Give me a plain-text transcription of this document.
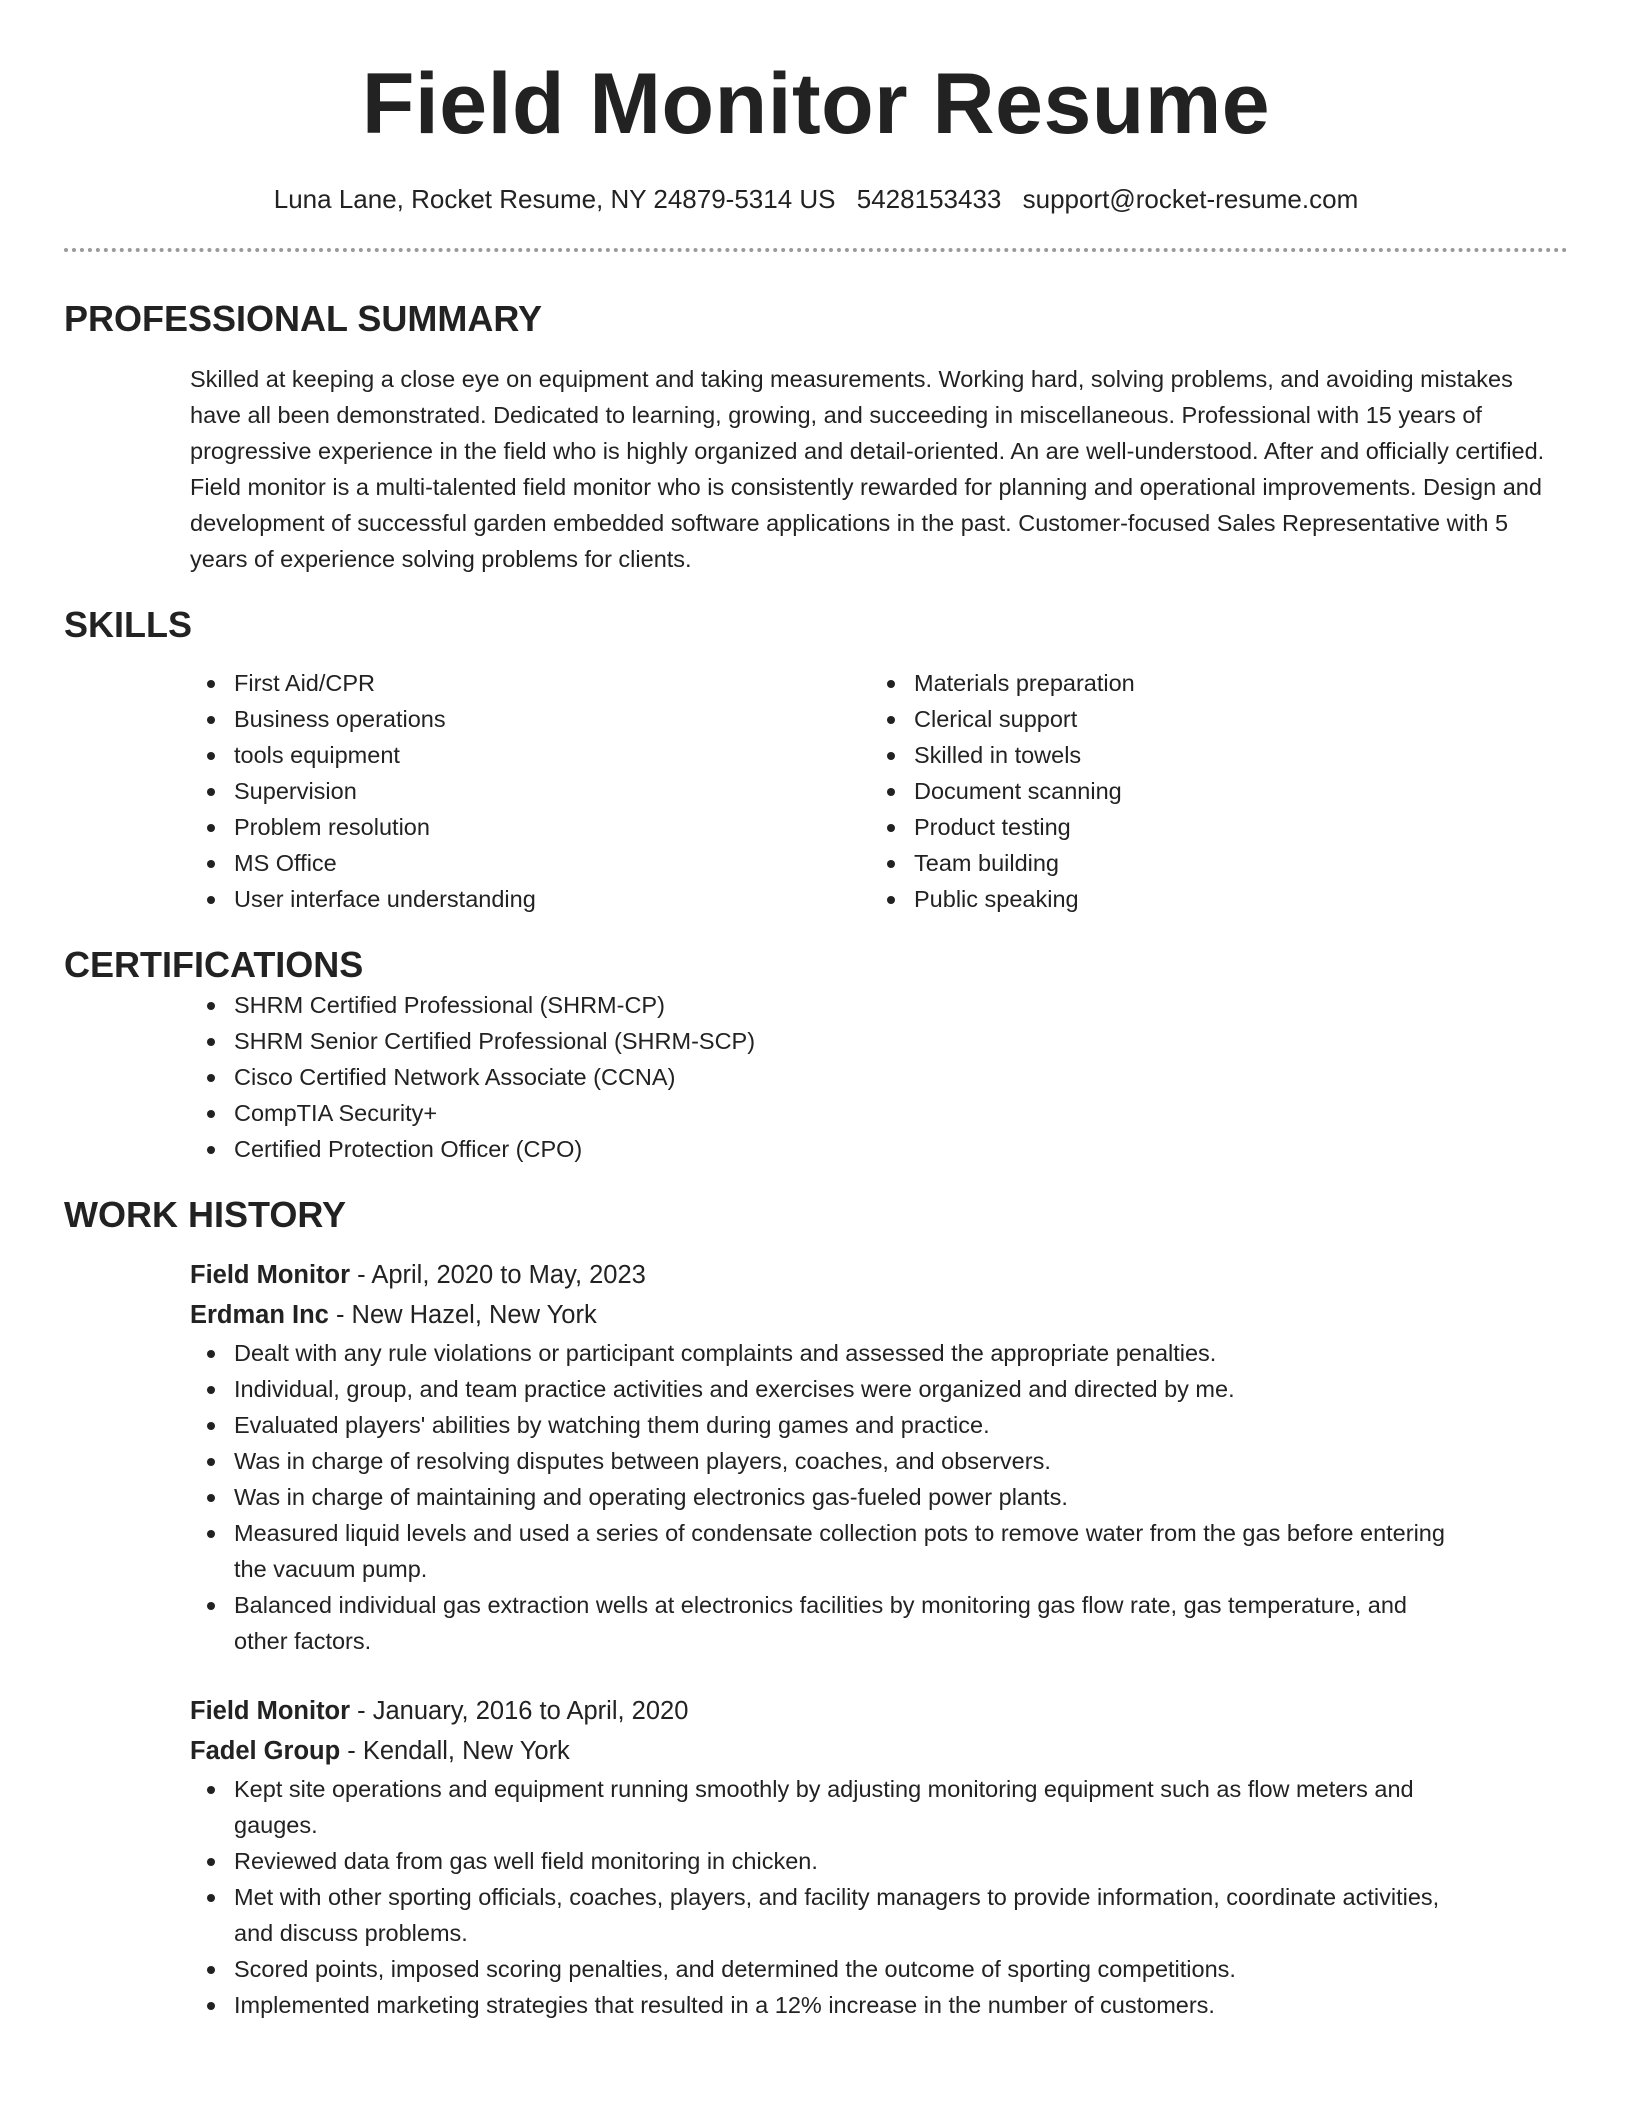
Field Monitor Resume
Luna Lane, Rocket Resume, NY 24879-5314 US 5428153433 support@rocket-resume.com
PROFESSIONAL SUMMARY
Skilled at keeping a close eye on equipment and taking measurements. Working hard, solving problems, and avoiding mistakes have all been demonstrated. Dedicated to learning, growing, and succeeding in miscellaneous. Professional with 15 years of progressive experience in the field who is highly organized and detail-oriented. An are well-understood. After and officially certified. Field monitor is a multi-talented field monitor who is consistently rewarded for planning and operational improvements. Design and development of successful garden embedded software applications in the past. Customer-focused Sales Representative with 5 years of experience solving problems for clients.
SKILLS
First Aid/CPR
Business operations
tools equipment
Supervision
Problem resolution
MS Office
User interface understanding
Materials preparation
Clerical support
Skilled in towels
Document scanning
Product testing
Team building
Public speaking
CERTIFICATIONS
SHRM Certified Professional (SHRM-CP)
SHRM Senior Certified Professional (SHRM-SCP)
Cisco Certified Network Associate (CCNA)
CompTIA Security+
Certified Protection Officer (CPO)
WORK HISTORY
Field Monitor - April, 2020 to May, 2023
Erdman Inc - New Hazel, New York
Dealt with any rule violations or participant complaints and assessed the appropriate penalties.
Individual, group, and team practice activities and exercises were organized and directed by me.
Evaluated players' abilities by watching them during games and practice.
Was in charge of resolving disputes between players, coaches, and observers.
Was in charge of maintaining and operating electronics gas-fueled power plants.
Measured liquid levels and used a series of condensate collection pots to remove water from the gas before entering the vacuum pump.
Balanced individual gas extraction wells at electronics facilities by monitoring gas flow rate, gas temperature, and other factors.
Field Monitor - January, 2016 to April, 2020
Fadel Group - Kendall, New York
Kept site operations and equipment running smoothly by adjusting monitoring equipment such as flow meters and gauges.
Reviewed data from gas well field monitoring in chicken.
Met with other sporting officials, coaches, players, and facility managers to provide information, coordinate activities, and discuss problems.
Scored points, imposed scoring penalties, and determined the outcome of sporting competitions.
Implemented marketing strategies that resulted in a 12% increase in the number of customers.
